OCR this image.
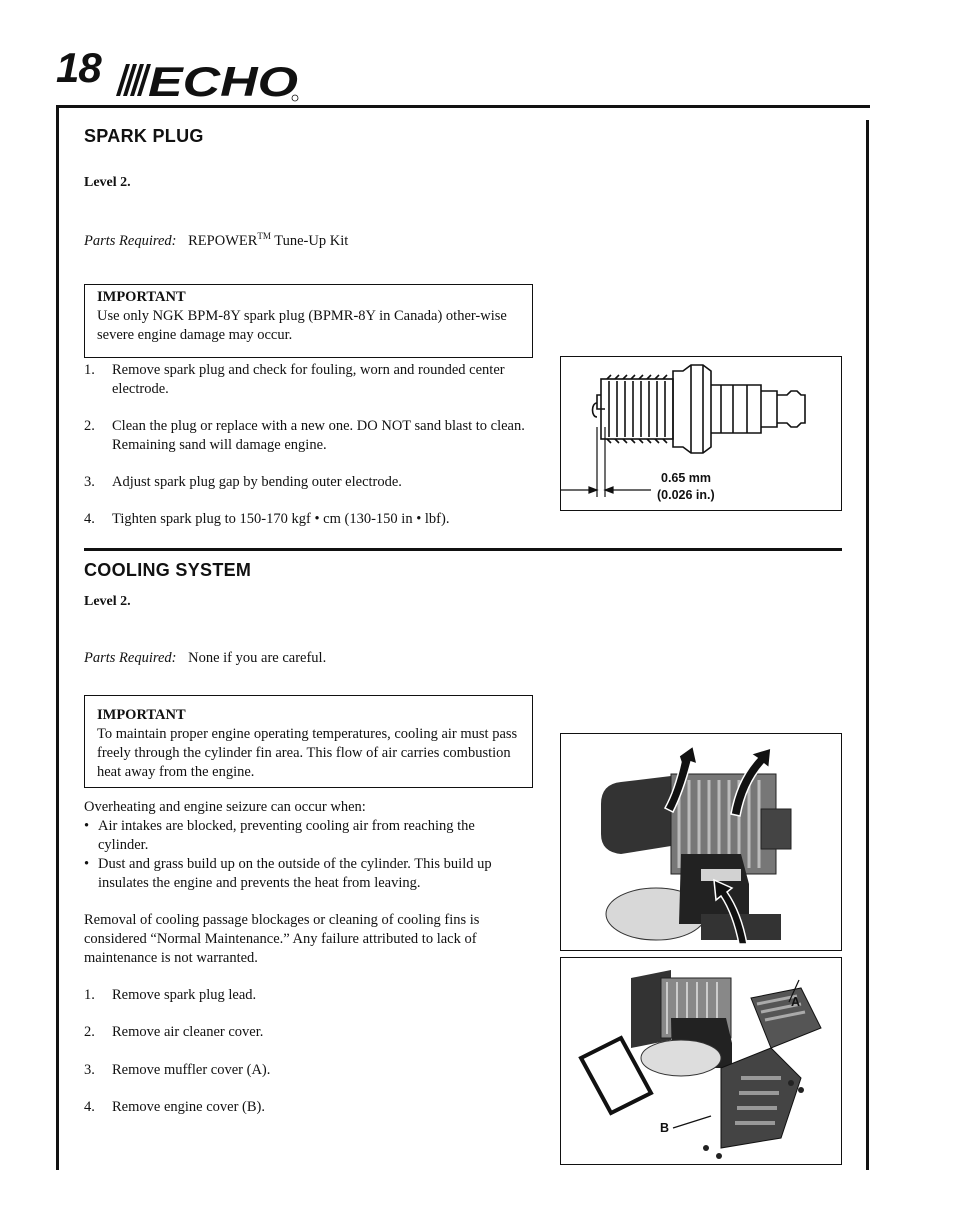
18 ECHO
SPARK PLUG
Level 2.
Parts Required: REPOWER™ Tune-Up Kit
IMPORTANT
Use only NGK BPM-8Y spark plug (BPMR-8Y in Canada) other-wise severe engine damage may occur.
1. Remove spark plug and check for fouling, worn and rounded center electrode.
2. Clean the plug or replace with a new one. DO NOT sand blast to clean. Remaining sand will damage engine.
3. Adjust spark plug gap by bending outer electrode.
4. Tighten spark plug to 150-170 kgf • cm (130-150 in • lbf).
0.65 mm
(0.026 in.)
COOLING SYSTEM
Level 2.
Parts Required: None if you are careful.
IMPORTANT
To maintain proper engine operating temperatures, cooling air must pass freely through the cylinder fin area. This flow of air carries combustion heat away from the engine.
Overheating and engine seizure can occur when:
• Air intakes are blocked, preventing cooling air from reaching the cylinder.
• Dust and grass build up on the outside of the cylinder. This build up insulates the engine and prevents the heat from leaving.
Removal of cooling passage blockages or cleaning of cooling fins is considered “Normal Maintenance.” Any failure attributed to lack of maintenance is not warranted.
1. Remove spark plug lead.
2. Remove air cleaner cover.
3. Remove muffler cover (A).
4. Remove engine cover (B).
A
B
